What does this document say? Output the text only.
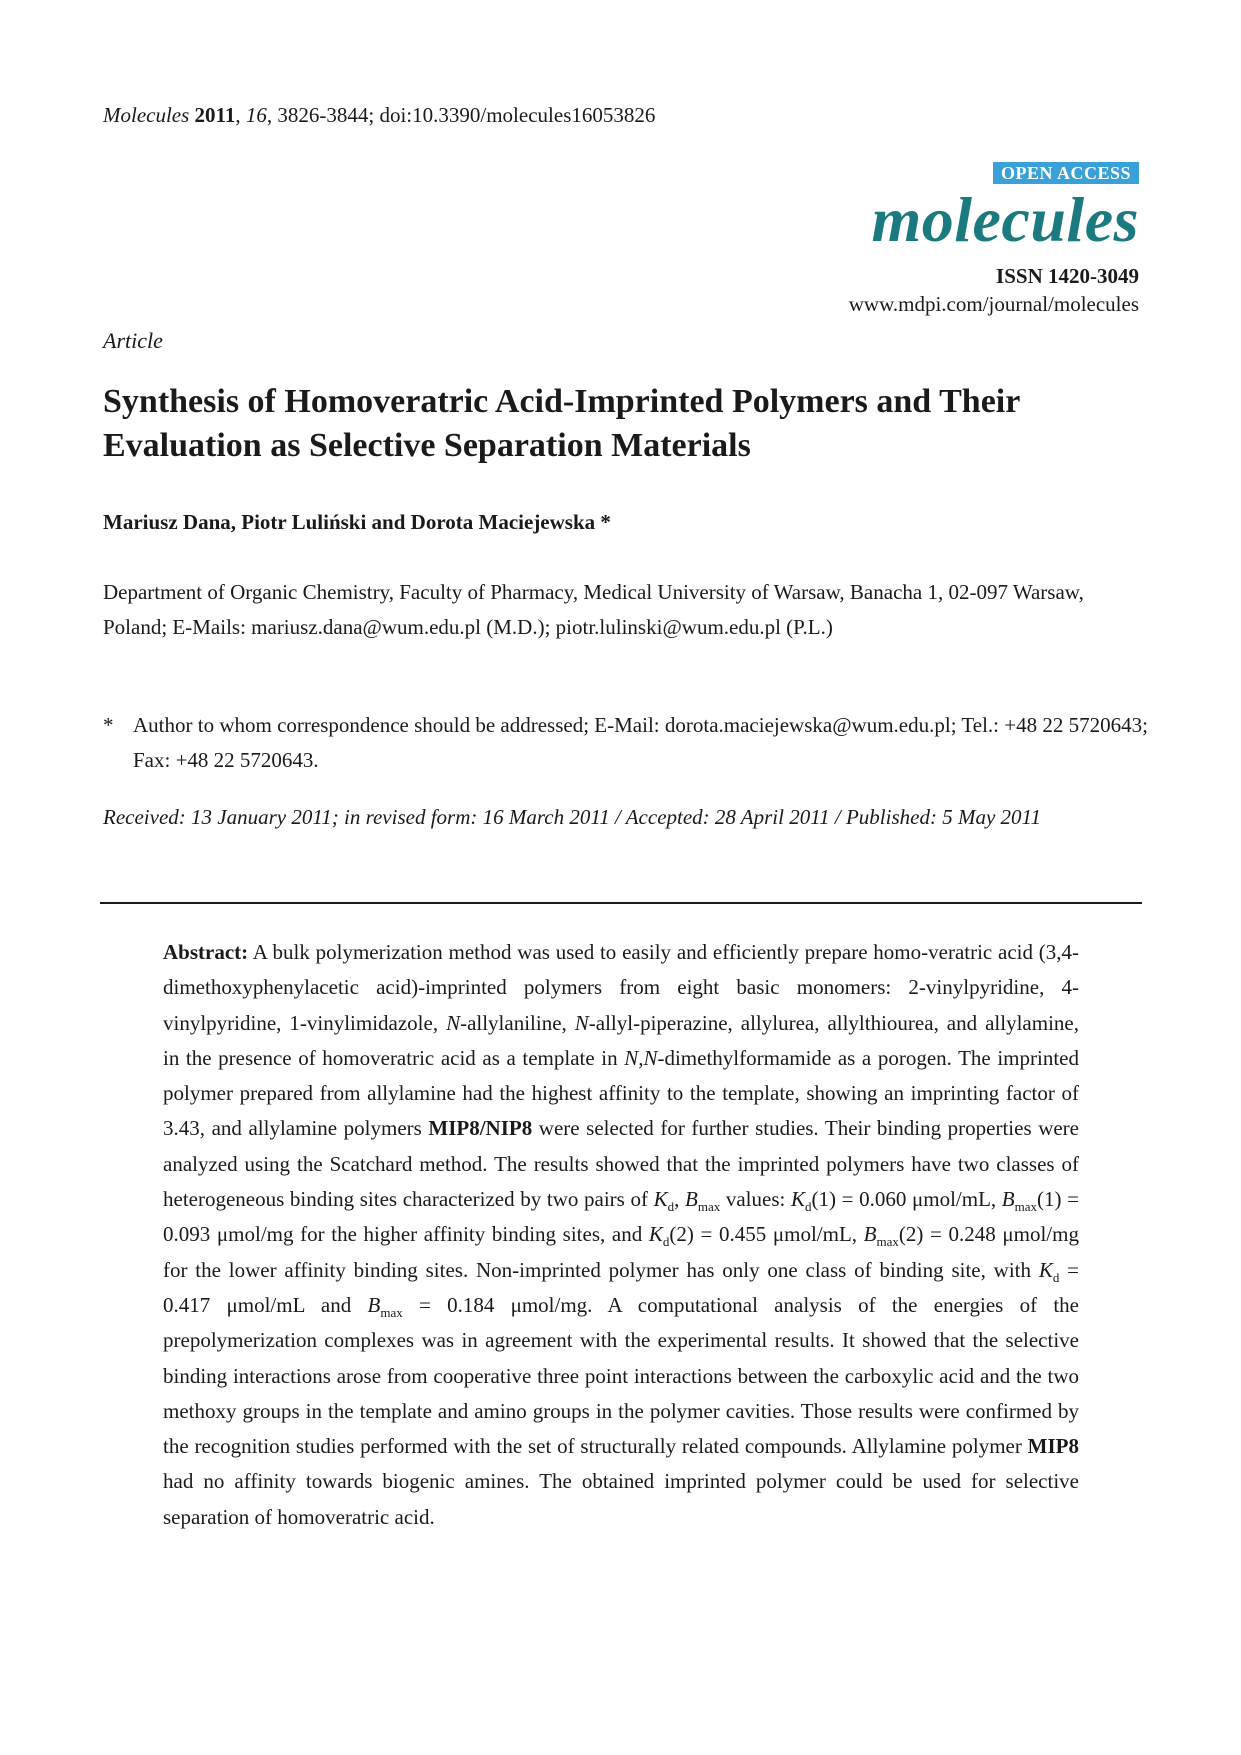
Molecules 2011, 16, 3826-3844; doi:10.3390/molecules16053826
OPEN ACCESS
molecules
ISSN 1420-3049
www.mdpi.com/journal/molecules
Article
Synthesis of Homoveratric Acid-Imprinted Polymers and Their Evaluation as Selective Separation Materials
Mariusz Dana, Piotr Luliński and Dorota Maciejewska *
Department of Organic Chemistry, Faculty of Pharmacy, Medical University of Warsaw, Banacha 1, 02-097 Warsaw, Poland; E-Mails: mariusz.dana@wum.edu.pl (M.D.); piotr.lulinski@wum.edu.pl (P.L.)
* Author to whom correspondence should be addressed; E-Mail: dorota.maciejewska@wum.edu.pl; Tel.: +48 22 5720643; Fax: +48 22 5720643.
Received: 13 January 2011; in revised form: 16 March 2011 / Accepted: 28 April 2011 / Published: 5 May 2011
Abstract: A bulk polymerization method was used to easily and efficiently prepare homo-veratric acid (3,4-dimethoxyphenylacetic acid)-imprinted polymers from eight basic monomers: 2-vinylpyridine, 4-vinylpyridine, 1-vinylimidazole, N-allylaniline, N-allyl-piperazine, allylurea, allylthiourea, and allylamine, in the presence of homoveratric acid as a template in N,N-dimethylformamide as a porogen. The imprinted polymer prepared from allylamine had the highest affinity to the template, showing an imprinting factor of 3.43, and allylamine polymers MIP8/NIP8 were selected for further studies. Their binding properties were analyzed using the Scatchard method. The results showed that the imprinted polymers have two classes of heterogeneous binding sites characterized by two pairs of $K_d$, $B_{max}$ values: $K_d(1) = 0.060$ μmol/mL, $B_{max}(1) = 0.093$ μmol/mg for the higher affinity binding sites, and $K_d(2) = 0.455$ μmol/mL, $B_{max}(2) = 0.248$ μmol/mg for the lower affinity binding sites. Non-imprinted polymer has only one class of binding site, with $K_d = 0.417$ μmol/mL and $B_{max} = 0.184$ μmol/mg. A computational analysis of the energies of the prepolymerization complexes was in agreement with the experimental results. It showed that the selective binding interactions arose from cooperative three point interactions between the carboxylic acid and the two methoxy groups in the template and amino groups in the polymer cavities. Those results were confirmed by the recognition studies performed with the set of structurally related compounds. Allylamine polymer MIP8 had no affinity towards biogenic amines. The obtained imprinted polymer could be used for selective separation of homoveratric acid.
